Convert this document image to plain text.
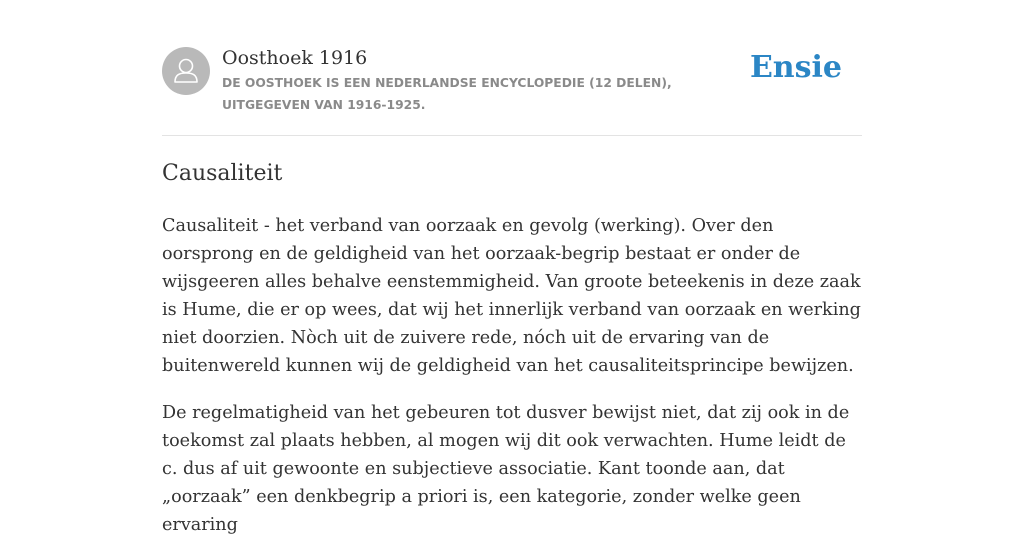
Oosthoek 1916
DE OOSTHOEK IS EEN NEDERLANDSE ENCYCLOPEDIE (12 DELEN), UITGEGEVEN VAN 1916-1925.
Ensie
Causaliteit

Causaliteit - het verband van oorzaak en gevolg (werking). Over den oorsprong en de geldigheid van het oorzaak-begrip bestaat er onder de wijsgeeren alles behalve eenstemmigheid. Van groote beteekenis in deze zaak is Hume, die er op wees, dat wij het innerlijk verband van oorzaak en werking niet doorzien. Nòch uit de zuivere rede, nóch uit de ervaring van de buitenwereld kunnen wij de geldigheid van het causaliteitsprincipe bewijzen.

De regelmatigheid van het gebeuren tot dusver bewijst niet, dat zij ook in de toekomst zal plaats hebben, al mogen wij dit ook verwachten. Hume leidt de c. dus af uit gewoonte en subjectieve associatie. Kant toonde aan, dat „oorzaak” een denkbegrip a priori is, een kategorie, zonder welke geen ervaring
